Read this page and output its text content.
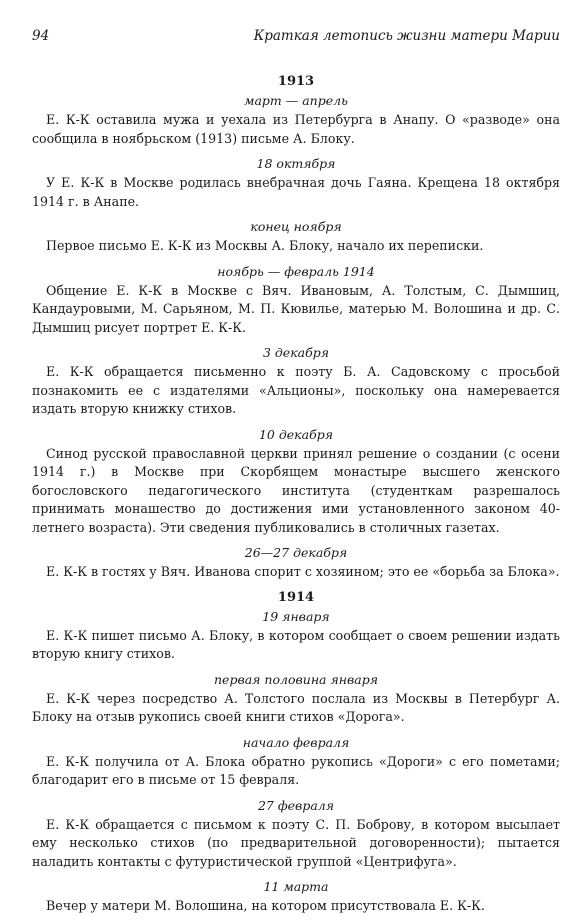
94	Краткая летопись жизни матери Марии
1913
март — апрель

Е. К-К оставила мужа и уехала из Петербурга в Анапу. О «разводе» она сообщила в ноябрьском (1913) письме А. Блоку.

18 октября

У Е. К-К в Москве родилась внебрачная дочь Гаяна. Крещена 18 октября 1914 г. в Анапе.

конец ноября

Первое письмо Е. К-К из Москвы А. Блоку, начало их переписки.

ноябрь — февраль 1914

Общение Е. К-К в Москве с Вяч. Ивановым, А. Толстым, С. Дымшиц, Кандауровыми, М. Сарьяном, М. П. Кювилье, матерью М. Волошина и др. С. Дымшиц рисует портрет Е. К-К.

3 декабря

Е. К-К обращается письменно к поэту Б. А. Садовскому с просьбой познакомить ее с издателями «Альционы», поскольку она намеревается издать вторую книжку стихов.

10 декабря

Синод русской православной церкви принял решение о создании (с осени 1914 г.) в Москве при Скорбящем монастыре высшего женского богословского педагогического института (студенткам разрешалось принимать монашество до достижения ими установленного законом 40-летнего возраста). Эти сведения публиковались в столичных газетах.

26—27 декабря

Е. К-К в гостях у Вяч. Иванова спорит с хозяином; это ее «борьба за Блока».

1914
19 января

Е. К-К пишет письмо А. Блоку, в котором сообщает о своем решении издать вторую книгу стихов.

первая половина января

Е. К-К через посредство А. Толстого послала из Москвы в Петербург А. Блоку на отзыв рукопись своей книги стихов «Дорога».

начало февраля

Е. К-К получила от А. Блока обратно рукопись «Дороги» с его пометами; благодарит его в письме от 15 февраля.

27 февраля

Е. К-К обращается с письмом к поэту С. П. Боброву, в котором высылает ему несколько стихов (по предварительной договоренности); пытается наладить контакты с футуристической группой «Центрифуга».

11 марта

Вечер у матери М. Волошина, на котором присутствовала Е. К-К.
